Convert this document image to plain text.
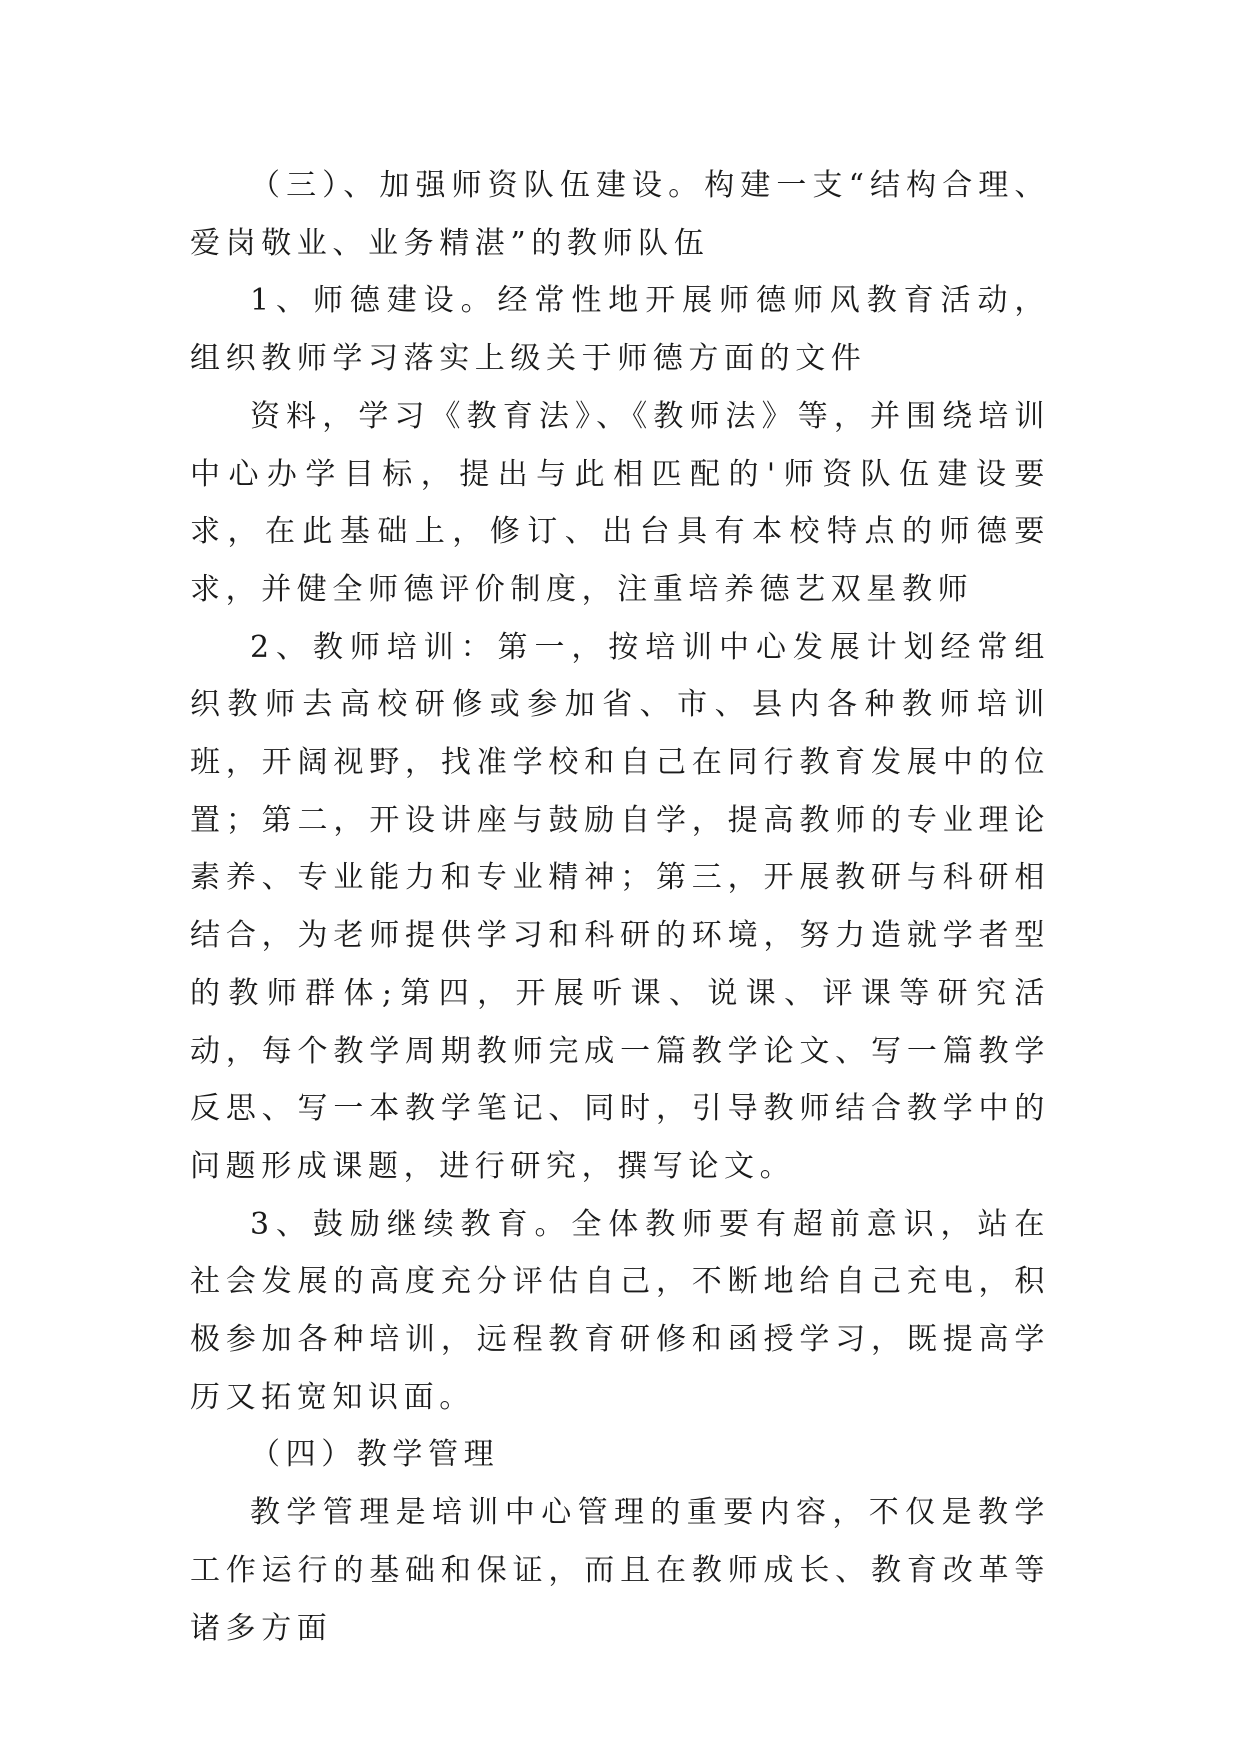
（三）、加强师资队伍建设。构建一支“结构合理、爱岗敬业、业务精湛”的教师队伍

1、师德建设。经常性地开展师德师风教育活动，组织教师学习落实上级关于师德方面的文件

资料，学习《教育法》、《教师法》等，并围绕培训中心办学目标，提出与此相匹配的'师资队伍建设要求，在此基础上，修订、出台具有本校特点的师德要求，并健全师德评价制度，注重培养德艺双星教师

2、教师培训：第一，按培训中心发展计划经常组织教师去高校研修或参加省、市、县内各种教师培训班，开阔视野，找准学校和自己在同行教育发展中的位置；第二，开设讲座与鼓励自学，提高教师的专业理论素养、专业能力和专业精神；第三，开展教研与科研相结合，为老师提供学习和科研的环境，努力造就学者型的教师群体;第四，开展听课、说课、评课等研究活动，每个教学周期教师完成一篇教学论文、写一篇教学反思、写一本教学笔记、同时，引导教师结合教学中的问题形成课题，进行研究，撰写论文。

3、鼓励继续教育。全体教师要有超前意识，站在社会发展的高度充分评估自己，不断地给自己充电，积极参加各种培训，远程教育研修和函授学习，既提高学历又拓宽知识面。

（四）教学管理

教学管理是培训中心管理的重要内容，不仅是教学工作运行的基础和保证，而且在教师成长、教育改革等诸多方面
